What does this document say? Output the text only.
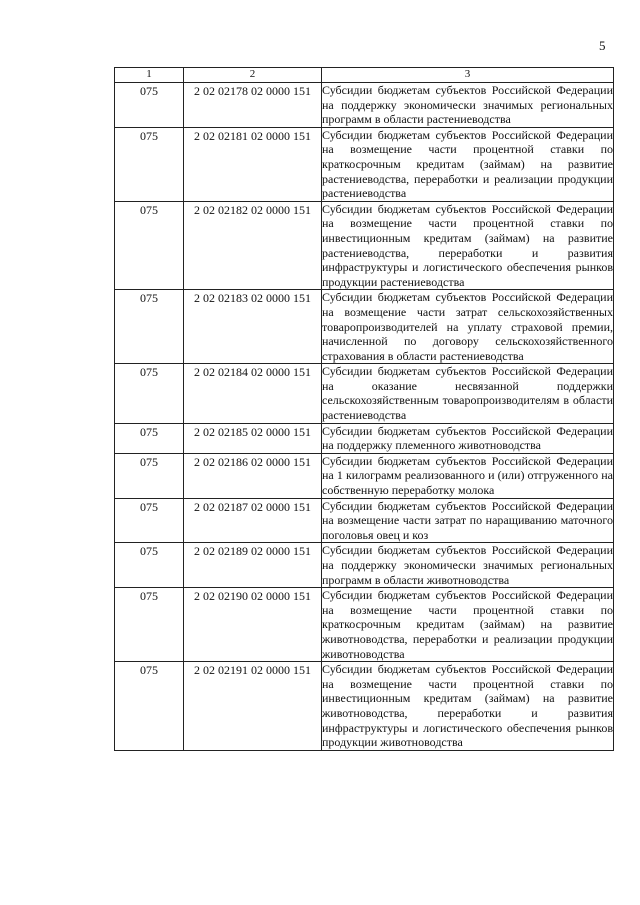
5
1	2	3

075	2 02 02178 02 0000 151	Субсидии бюджетам субъектов Российской Федерации на поддержку экономически значимых региональных программ в области растениеводства

075	2 02 02181 02 0000 151	Субсидии бюджетам субъектов Российской Федерации на возмещение части процентной ставки по краткосрочным кредитам (займам) на развитие растениеводства, переработки и реализации продукции растениеводства

075	2 02 02182 02 0000 151	Субсидии бюджетам субъектов Российской Федерации на возмещение части процентной ставки по инвестиционным кредитам (займам) на развитие растениеводства, переработки и развития инфраструктуры и логистического обеспечения рынков продукции растениеводства

075	2 02 02183 02 0000 151	Субсидии бюджетам субъектов Российской Федерации на возмещение части затрат сельскохозяйственных товаропроизводителей на уплату страховой премии, начисленной по договору сельскохозяйственного страхования в области растениеводства

075	2 02 02184 02 0000 151	Субсидии бюджетам субъектов Российской Федерации на оказание несвязанной поддержки сельскохозяйственным товаропроизводителям в области растениеводства

075	2 02 02185 02 0000 151	Субсидии бюджетам субъектов Российской Федерации на поддержку племенного животноводства

075	2 02 02186 02 0000 151	Субсидии бюджетам субъектов Российской Федерации на 1 килограмм реализованного и (или) отгруженного на собственную переработку молока

075	2 02 02187 02 0000 151	Субсидии бюджетам субъектов Российской Федерации на возмещение части затрат по наращиванию маточного поголовья овец и коз

075	2 02 02189 02 0000 151	Субсидии бюджетам субъектов Российской Федерации на поддержку экономически значимых региональных программ в области животноводства

075	2 02 02190 02 0000 151	Субсидии бюджетам субъектов Российской Федерации на возмещение части процентной ставки по краткосрочным кредитам (займам) на развитие животноводства, переработки и реализации продукции животноводства

075	2 02 02191 02 0000 151	Субсидии бюджетам субъектов Российской Федерации на возмещение части процентной ставки по инвестиционным кредитам (займам) на развитие животноводства, переработки и развития инфраструктуры и логистического обеспечения рынков продукции животноводства
